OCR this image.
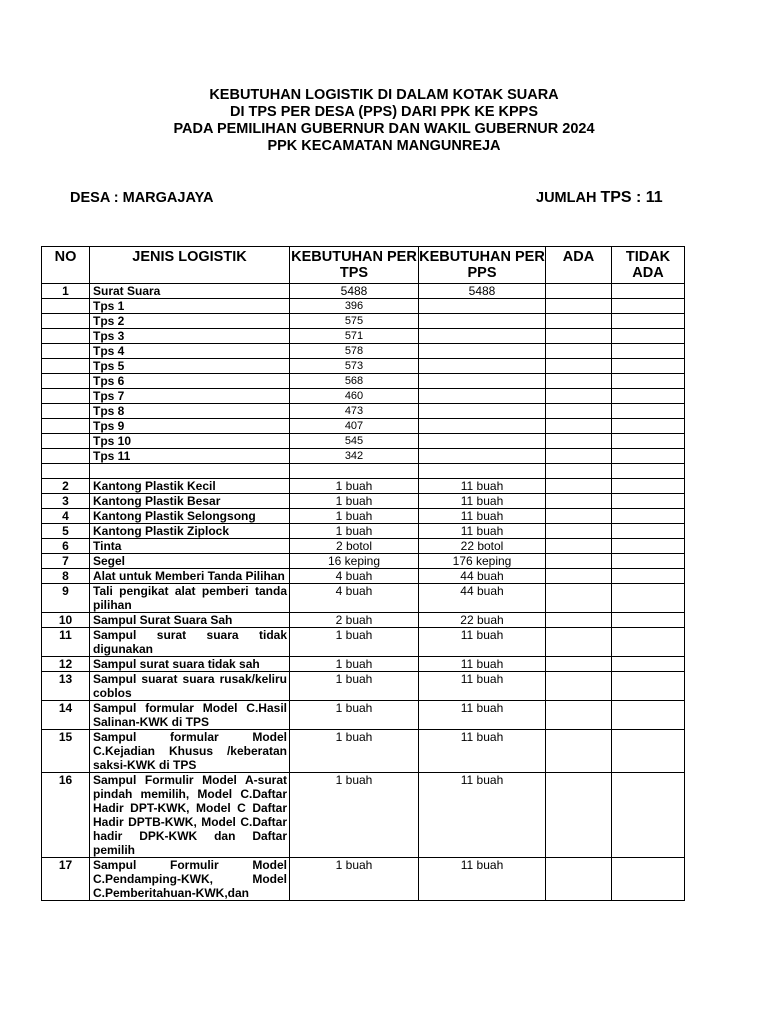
KEBUTUHAN LOGISTIK DI DALAM KOTAK SUARA
DI TPS PER DESA (PPS) DARI PPK KE KPPS
PADA PEMILIHAN GUBERNUR DAN WAKIL GUBERNUR 2024
PPK KECAMATAN MANGUNREJA
DESA : MARGAJAYA	JUMLAH TPS : 11
NO	JENIS LOGISTIK	KEBUTUHAN PER TPS	KEBUTUHAN PER PPS	ADA	TIDAK ADA
1	Surat Suara	5488	5488		
	Tps 1	396			
	Tps 2	575			
	Tps 3	571			
	Tps 4	578			
	Tps 5	573			
	Tps 6	568			
	Tps 7	460			
	Tps 8	473			
	Tps 9	407			
	Tps 10	545			
	Tps 11	342			

2	Kantong Plastik Kecil	1 buah	11 buah		
3	Kantong Plastik Besar	1 buah	11 buah		
4	Kantong Plastik Selongsong	1 buah	11 buah		
5	Kantong Plastik Ziplock	1 buah	11 buah		
6	Tinta	2 botol	22 botol		
7	Segel	16 keping	176 keping		
8	Alat untuk Memberi Tanda Pilihan	4 buah	44 buah		
9	Tali pengikat alat pemberi tanda pilihan	4 buah	44 buah		
10	Sampul Surat Suara Sah	2 buah	22 buah		
11	Sampul surat suara tidak digunakan	1 buah	11 buah		
12	Sampul surat suara tidak sah	1 buah	11 buah		
13	Sampul suarat suara rusak/keliru coblos	1 buah	11 buah		
14	Sampul formular Model C.Hasil Salinan-KWK di TPS	1 buah	11 buah		
15	Sampul formular Model C.Kejadian Khusus /keberatan saksi-KWK di TPS	1 buah	11 buah		
16	Sampul Formulir Model A-surat pindah memilih, Model C.Daftar Hadir DPT-KWK, Model C Daftar Hadir DPTB-KWK, Model C.Daftar hadir DPK-KWK dan Daftar pemilih	1 buah	11 buah		
17	Sampul Formulir Model C.Pendamping-KWK, Model C.Pemberitahuan-KWK,dan	1 buah	11 buah		
